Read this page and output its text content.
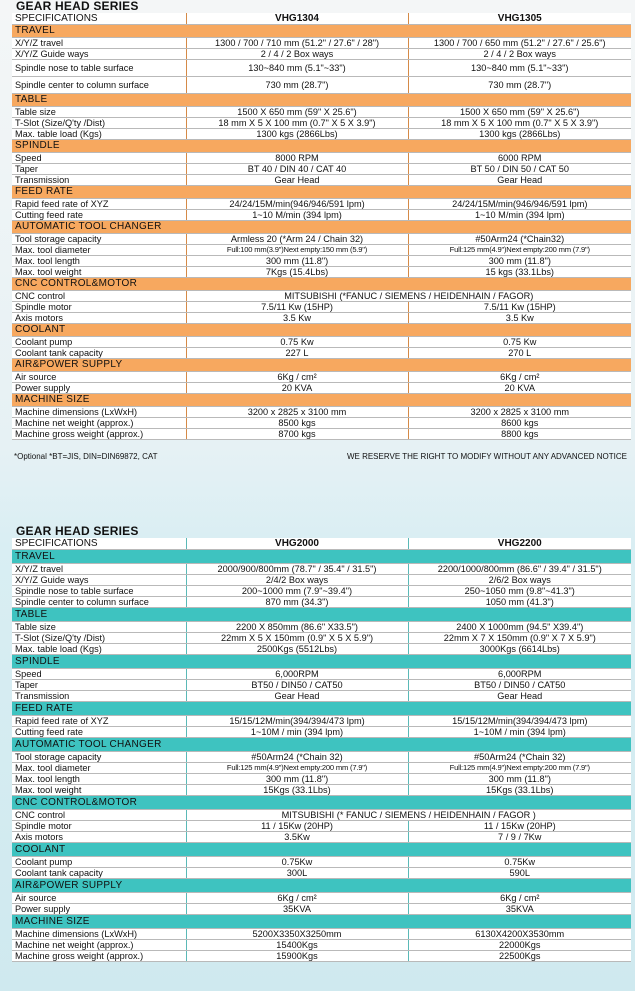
GEAR HEAD SERIES
SPECIFICATIONS	VHG1304	VHG1305
TRAVEL		
X/Y/Z travel	1300 / 700 / 710 mm (51.2" / 27.6" / 28")	1300 / 700 / 650 mm (51.2" / 27.6" / 25.6")
X/Y/Z Guide ways	2 / 4 / 2 Box ways	2 / 4 / 2 Box ways
Spindle nose to table surface	130~840 mm (5.1"~33")	130~840 mm (5.1"~33")
Spindle center to column surface	730 mm (28.7")	730 mm (28.7")
TABLE		
Table size	1500 X 650 mm (59" X 25.6")	1500 X 650 mm (59" X 25.6")
T-Slot (Size/Q'ty /Dist)	18 mm X 5 X 100 mm (0.7" X 5 X 3.9")	18 mm X 5 X 100 mm (0.7" X 5 X 3.9")
Max. table load (Kgs)	1300 kgs (2866Lbs)	1300 kgs (2866Lbs)
SPINDLE		
Speed	8000 RPM	6000 RPM
Taper	BT 40 / DIN 40 / CAT 40	BT 50 / DIN 50 / CAT 50
Transmission	Gear Head	Gear Head
FEED RATE		
Rapid feed rate of XYZ	24/24/15M/min(946/946/591 lpm)	24/24/15M/min(946/946/591 lpm)
Cutting feed rate	1~10 M/min (394 lpm)	1~10 M/min (394 lpm)
AUTOMATIC TOOL CHANGER		
Tool storage capacity	Armless 20 (*Arm 24 / Chain 32)	#50Arm24 (*Chain32)
Max. tool diameter	Full:100 mm(3.9")Next empty:150 mm (5.9")	Full:125 mm(4.9")Next empty:200 mm (7.9")
Max. tool length	300 mm (11.8")	300 mm (11.8")
Max. tool weight	7Kgs (15.4Lbs)	15 kgs (33.1Lbs)
CNC CONTROL&MOTOR		
CNC control	MITSUBISHI (*FANUC / SIEMENS / HEIDENHAIN / FAGOR)	
Spindle motor	7.5/11 Kw (15HP)	7.5/11 Kw (15HP)
Axis motors	3.5 Kw	3.5 Kw
COOLANT		
Coolant pump	0.75 Kw	0.75 Kw
Coolant tank capacity	227 L	270 L
AIR&POWER SUPPLY		
Air source	6Kg / cm²	6Kg / cm²
Power supply	20 KVA	20 KVA
MACHINE SIZE		
Machine dimensions (LxWxH)	3200 x 2825 x 3100 mm	3200 x 2825 x 3100 mm
Machine net weight (approx.)	8500 kgs	8600 kgs
Machine gross weight (approx.)	8700 kgs	8800 kgs
*Optional *BT=JIS, DIN=DIN69872, CAT	WE RESERVE THE RIGHT TO MODIFY WITHOUT ANY ADVANCED NOTICE
GEAR HEAD SERIES
SPECIFICATIONS	VHG2000	VHG2200
TRAVEL		
X/Y/Z travel	2000/900/800mm (78.7" / 35.4" / 31.5")	2200/1000/800mm (86.6" / 39.4" / 31.5")
X/Y/Z Guide ways	2/4/2 Box ways	2/6/2 Box ways
Spindle nose to table surface	200~1000 mm (7.9"~39.4")	250~1050 mm (9.8"~41.3")
Spindle center to column surface	870 mm (34.3")	1050 mm (41.3")
TABLE		
Table size	2200 X 850mm (86.6" X33.5")	2400 X 1000mm (94.5" X39.4")
T-Slot (Size/Q'ty /Dist)	22mm X 5 X 150mm (0.9" X 5 X 5.9")	22mm X 7 X 150mm (0.9" X 7 X 5.9")
Max. table load (Kgs)	2500Kgs (5512Lbs)	3000Kgs (6614Lbs)
SPINDLE		
Speed	6,000RPM	6,000RPM
Taper	BT50 / DIN50 / CAT50	BT50 / DIN50 / CAT50
Transmission	Gear Head	Gear Head
FEED RATE		
Rapid feed rate of XYZ	15/15/12M/min(394/394/473 lpm)	15/15/12M/min(394/394/473 lpm)
Cutting feed rate	1~10M / min (394 lpm)	1~10M / min (394 lpm)
AUTOMATIC TOOL CHANGER		
Tool storage capacity	#50Arm24 (*Chain 32)	#50Arm24 (*Chain 32)
Max. tool diameter	Full:125 mm(4.9")Next empty:200 mm (7.9")	Full:125 mm(4.9")Next empty:200 mm (7.9")
Max. tool length	300 mm (11.8")	300 mm (11.8")
Max. tool weight	15Kgs (33.1Lbs)	15Kgs (33.1Lbs)
CNC CONTROL&MOTOR		
CNC control	MITSUBISHI (* FANUC / SIEMENS / HEIDENHAIN / FAGOR )	
Spindle motor	11 / 15Kw (20HP)	11 / 15Kw (20HP)
Axis motors	3.5Kw	7 / 9 / 7Kw
COOLANT		
Coolant pump	0.75Kw	0.75Kw
Coolant tank capacity	300L	590L
AIR&POWER SUPPLY		
Air source	6Kg / cm²	6Kg / cm²
Power supply	35KVA	35KVA
MACHINE SIZE		
Machine dimensions (LxWxH)	5200X3350X3250mm	6130X4200X3530mm
Machine net weight (approx.)	15400Kgs	22000Kgs
Machine gross weight (approx.)	15900Kgs	22500Kgs
